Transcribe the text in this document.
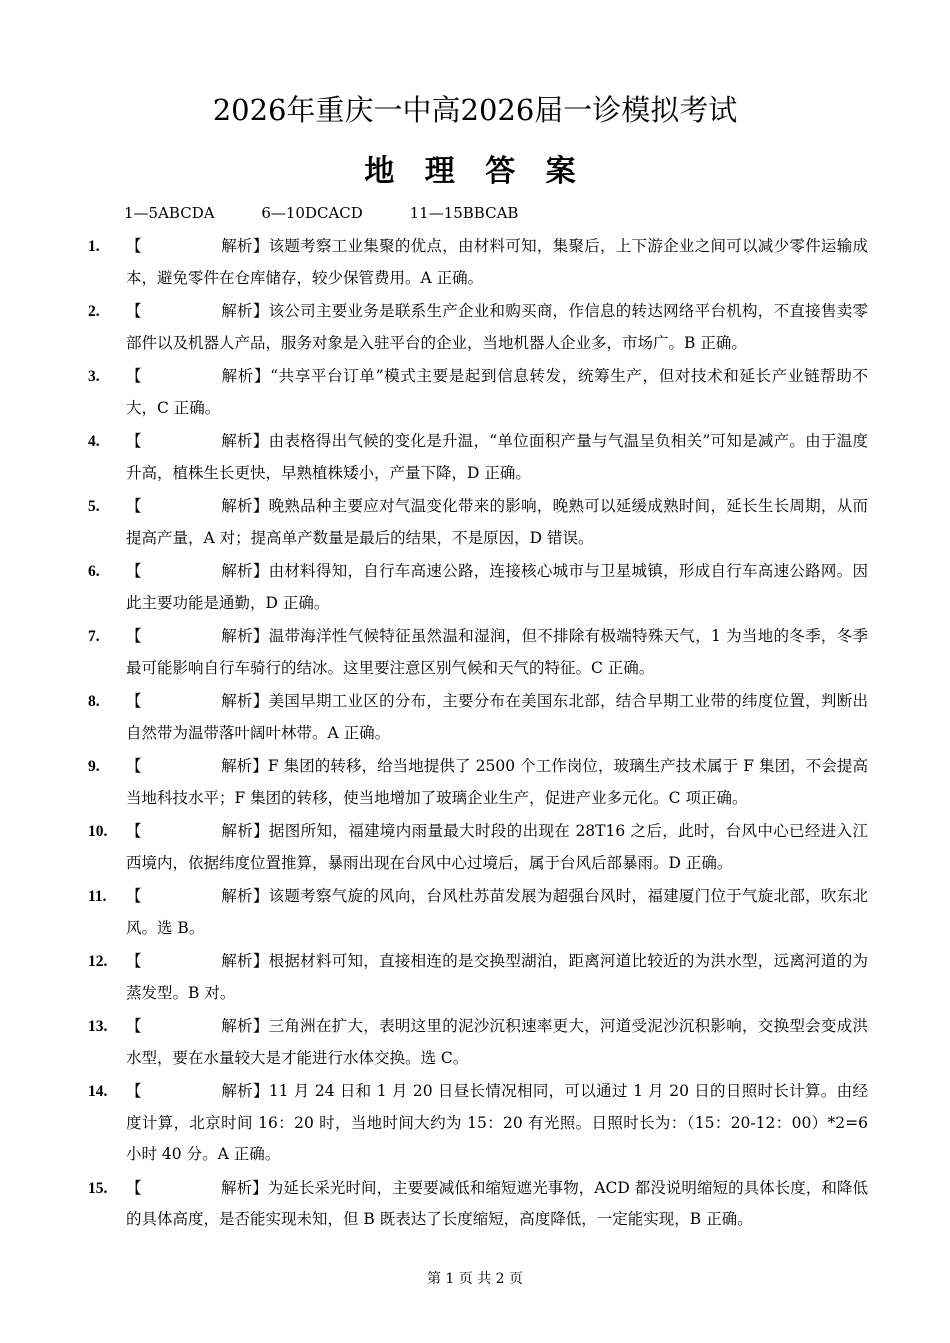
2026年重庆一中高2026届一诊模拟考试
地 理 答 案
1—5ABCDA	6—10DCACD	11—15BBCAB
1. 【	解析】该题考察工业集聚的优点，由材料可知，集聚后，上下游企业之间可以减少零件运输成本，避免零件在仓库储存，较少保管费用。A 正确。
2. 【	解析】该公司主要业务是联系生产企业和购买商，作信息的转达网络平台机构，不直接售卖零部件以及机器人产品，服务对象是入驻平台的企业，当地机器人企业多，市场广。B 正确。
3. 【	解析】“共享平台订单”模式主要是起到信息转发，统筹生产，但对技术和延长产业链帮助不大，C 正确。
4. 【	解析】由表格得出气候的变化是升温，“单位面积产量与气温呈负相关”可知是减产。由于温度升高，植株生长更快，早熟植株矮小，产量下降，D 正确。
5. 【	解析】晚熟品种主要应对气温变化带来的影响，晚熟可以延缓成熟时间，延长生长周期，从而提高产量，A 对；提高单产数量是最后的结果，不是原因，D 错误。
6. 【	解析】由材料得知，自行车高速公路，连接核心城市与卫星城镇，形成自行车高速公路网。因此主要功能是通勤，D 正确。
7. 【	解析】温带海洋性气候特征虽然温和湿润，但不排除有极端特殊天气，1 为当地的冬季，冬季最可能影响自行车骑行的结冰。这里要注意区别气候和天气的特征。C 正确。
8. 【	解析】美国早期工业区的分布，主要分布在美国东北部，结合早期工业带的纬度位置，判断出自然带为温带落叶阔叶林带。A 正确。
9. 【	解析】F 集团的转移，给当地提供了 2500 个工作岗位，玻璃生产技术属于 F 集团，不会提高当地科技水平；F 集团的转移，使当地增加了玻璃企业生产，促进产业多元化。C 项正确。
10. 【	解析】据图所知，福建境内雨量最大时段的出现在 28T16 之后，此时，台风中心已经进入江西境内，依据纬度位置推算，暴雨出现在台风中心过境后，属于台风后部暴雨。D 正确。
11. 【	解析】该题考察气旋的风向，台风杜苏苗发展为超强台风时，福建厦门位于气旋北部，吹东北风。选 B。
12. 【	解析】根据材料可知，直接相连的是交换型湖泊，距离河道比较近的为洪水型，远离河道的为蒸发型。B 对。
13. 【	解析】三角洲在扩大，表明这里的泥沙沉积速率更大，河道受泥沙沉积影响，交换型会变成洪水型，要在水量较大是才能进行水体交换。选 C。
14. 【	解析】11 月 24 日和 1 月 20 日昼长情况相同，可以通过 1 月 20 日的日照时长计算。由经度计算，北京时间 16：20 时，当地时间大约为 15：20 有光照。日照时长为：（15：20-12：00）*2=6 小时 40 分。A 正确。
15. 【	解析】为延长采光时间，主要要减低和缩短遮光事物，ACD 都没说明缩短的具体长度，和降低的具体高度，是否能实现未知，但 B 既表达了长度缩短，高度降低，一定能实现，B 正确。
第 1 页 共 2 页
